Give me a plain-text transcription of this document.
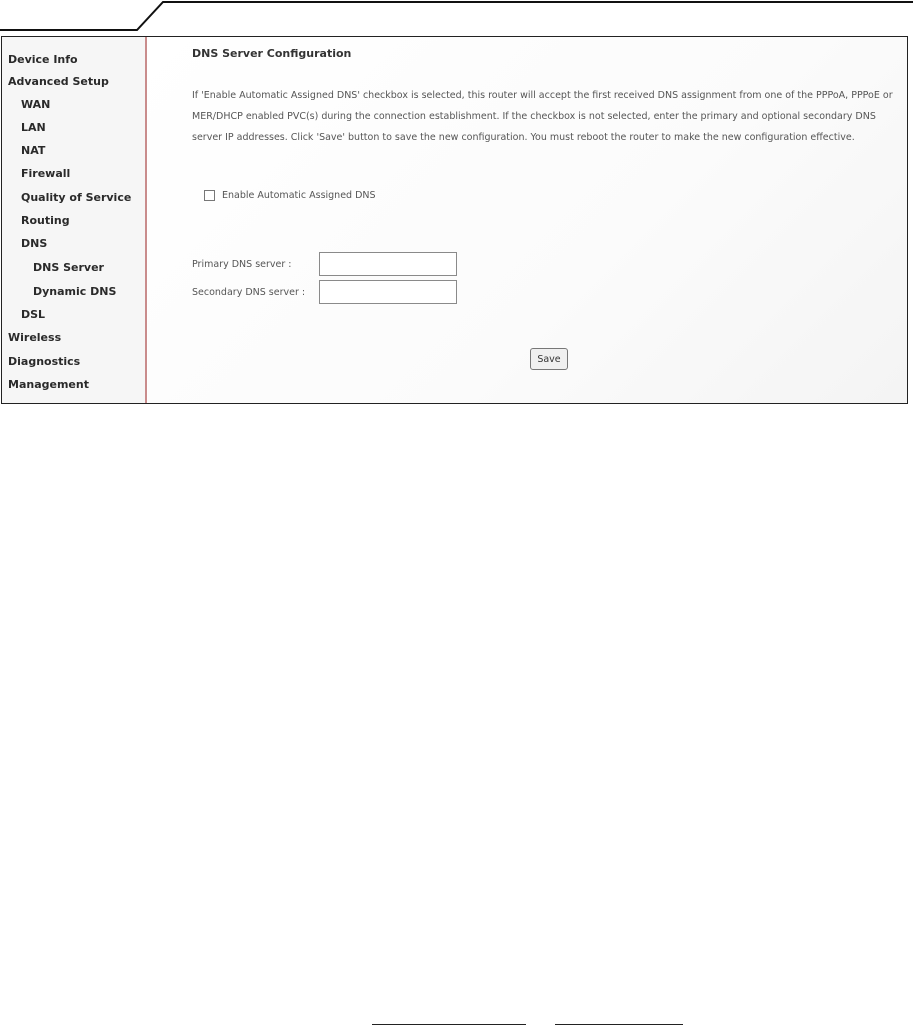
Device Info
Advanced Setup
WAN
LAN
NAT
Firewall
Quality of Service
Routing
DNS
DNS Server
Dynamic DNS
DSL
Wireless
Diagnostics
Management
DNS Server Configuration
If 'Enable Automatic Assigned DNS' checkbox is selected, this router will accept the first received DNS assignment from one of the PPPoA, PPPoE or MER/DHCP enabled PVC(s) during the connection establishment. If the checkbox is not selected, enter the primary and optional secondary DNS server IP addresses. Click 'Save' button to save the new configuration. You must reboot the router to make the new configuration effective.
Enable Automatic Assigned DNS
Primary DNS server :
Secondary DNS server :
Save
